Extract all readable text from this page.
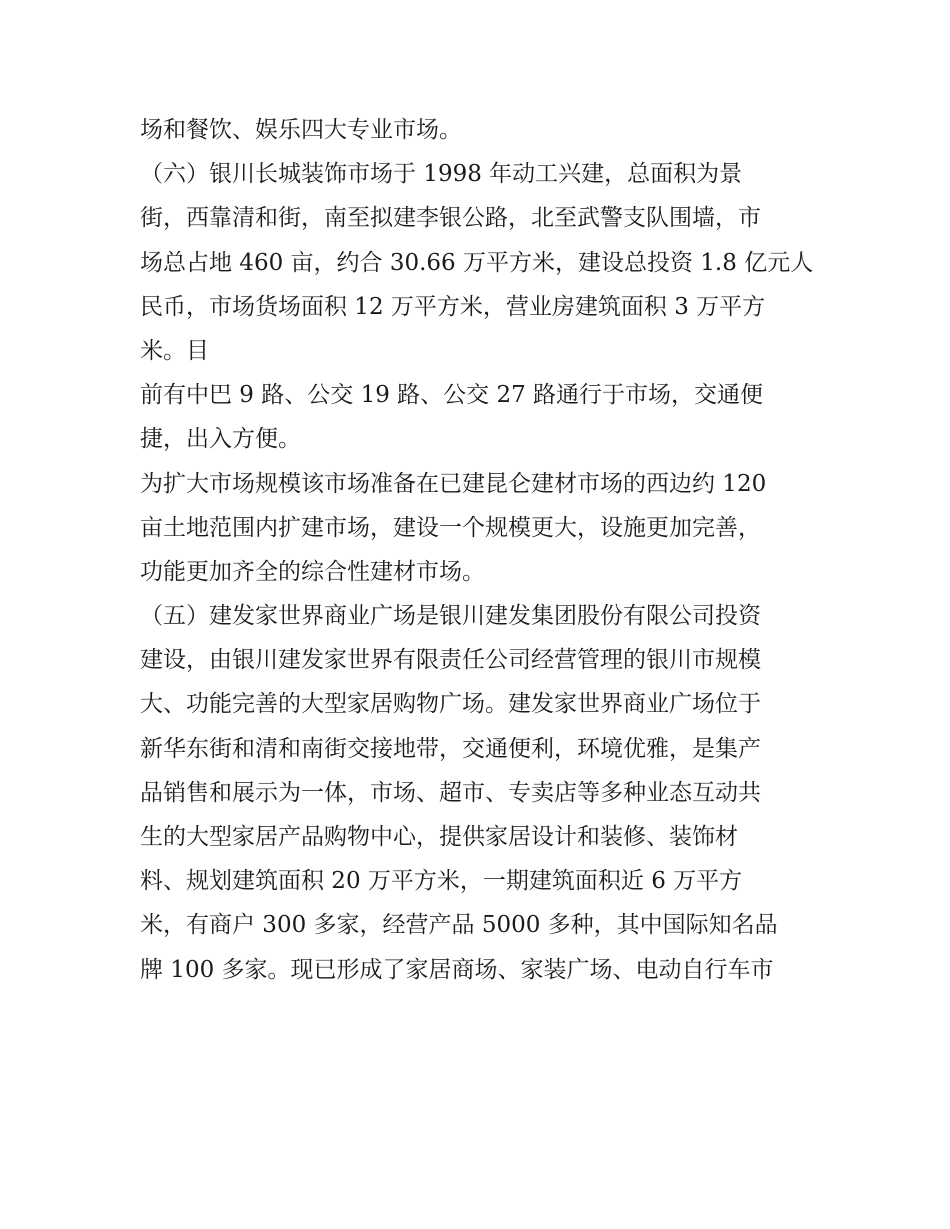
场和餐饮、娱乐四大专业市场。
（六）银川长城装饰市场于 1998 年动工兴建，总面积为景
街，西靠清和街，南至拟建李银公路，北至武警支队围墙，市
场总占地 460 亩，约合 30.66 万平方米，建设总投资 1.8 亿元人
民币，市场货场面积 12 万平方米，营业房建筑面积 3 万平方
米。目
前有中巴 9 路、公交 19 路、公交 27 路通行于市场，交通便
捷，出入方便。
为扩大市场规模该市场准备在已建昆仑建材市场的西边约 120
亩土地范围内扩建市场，建设一个规模更大，设施更加完善，
功能更加齐全的综合性建材市场。
（五）建发家世界商业广场是银川建发集团股份有限公司投资
建设，由银川建发家世界有限责任公司经营管理的银川市规模
大、功能完善的大型家居购物广场。建发家世界商业广场位于
新华东街和清和南街交接地带，交通便利，环境优雅，是集产
品销售和展示为一体，市场、超市、专卖店等多种业态互动共
生的大型家居产品购物中心，提供家居设计和装修、装饰材
料、规划建筑面积 20 万平方米，一期建筑面积近 6 万平方
米，有商户 300 多家，经营产品 5000 多种，其中国际知名品
牌 100 多家。现已形成了家居商场、家装广场、电动自行车市
